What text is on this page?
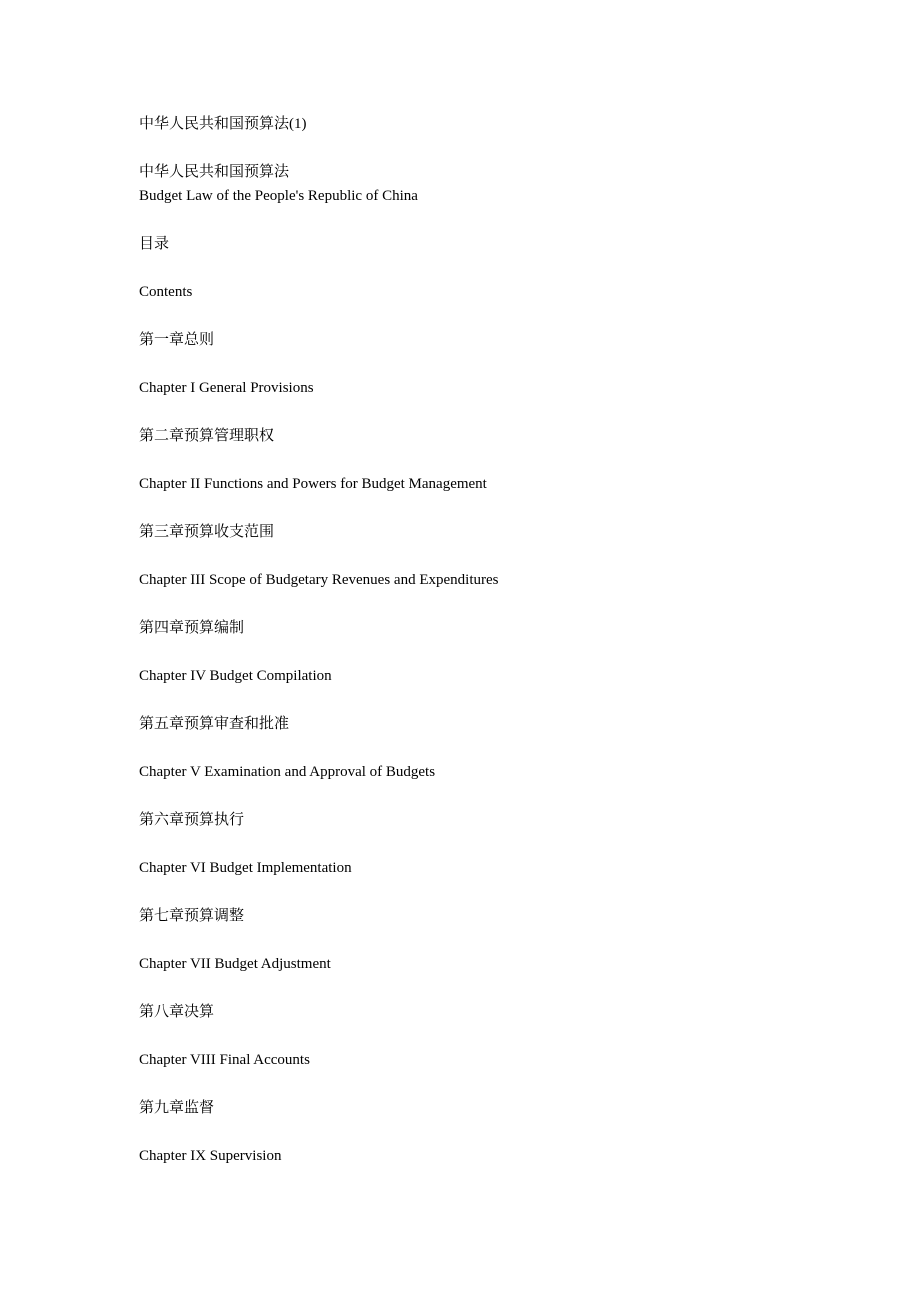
中华人民共和国预算法(1)
中华人民共和国预算法
Budget Law of the People's Republic of China
目录
Contents
第一章总则
Chapter I General Provisions
第二章预算管理职权
Chapter II Functions and Powers for Budget Management
第三章预算收支范围
Chapter III Scope of Budgetary Revenues and Expenditures
第四章预算编制
Chapter IV Budget Compilation
第五章预算审查和批准
Chapter V Examination and Approval of Budgets
第六章预算执行
Chapter VI Budget Implementation
第七章预算调整
Chapter VII Budget Adjustment
第八章决算
Chapter VIII Final Accounts
第九章监督
Chapter IX Supervision
